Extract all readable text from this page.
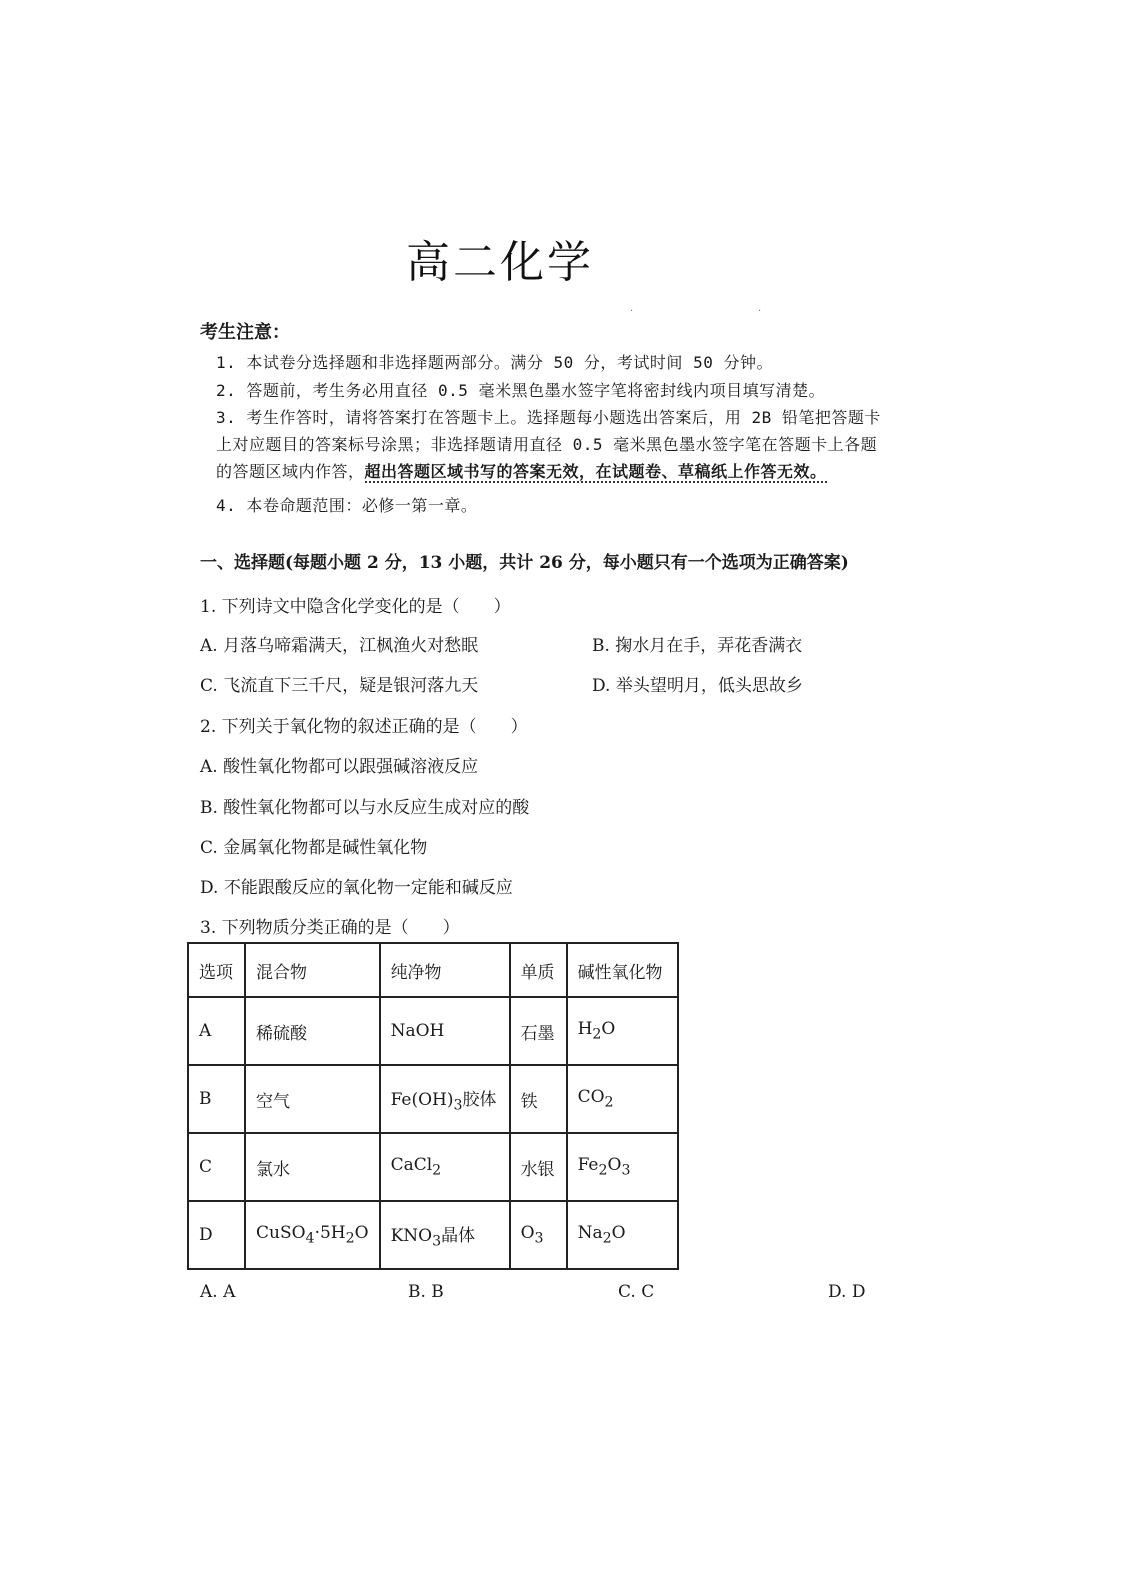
高二化学
·	·
考生注意：
1. 本试卷分选择题和非选择题两部分。满分 50 分，考试时间 50 分钟。
2. 答题前，考生务必用直径 0.5 毫米黑色墨水签字笔将密封线内项目填写清楚。
3. 考生作答时，请将答案打在答题卡上。选择题每小题选出答案后，用 2B 铅笔把答题卡
上对应题目的答案标号涂黑；非选择题请用直径 0.5 毫米黑色墨水签字笔在答题卡上各题
的答题区域内作答，超出答题区域书写的答案无效，在试题卷、草稿纸上作答无效。
4. 本卷命题范围：必修一第一章。
一、选择题(每题小题 2 分，13 小题，共计 26 分，每小题只有一个选项为正确答案)
1. 下列诗文中隐含化学变化的是（　　）
A. 月落乌啼霜满天，江枫渔火对愁眠	B. 掬水月在手，弄花香满衣
C. 飞流直下三千尺，疑是银河落九天	D. 举头望明月，低头思故乡
2. 下列关于氧化物的叙述正确的是（　　）
A. 酸性氧化物都可以跟强碱溶液反应
B. 酸性氧化物都可以与水反应生成对应的酸
C. 金属氧化物都是碱性氧化物
D. 不能跟酸反应的氧化物一定能和碱反应
3. 下列物质分类正确的是（　　）
选项	混合物	纯净物	单质	碱性氧化物
A	稀硫酸	NaOH	石墨	$H_2O$
B	空气	$Fe(OH)_3$胶体	铁	$CO_2$
C	氯水	CaCl$_2$	水银	$Fe_2O_3$
D	$CuSO_4\cdot 5H_2O$	$KNO_3$晶体	$O_3$	$Na_2O$
A. A	B. B	C. C	D. D
